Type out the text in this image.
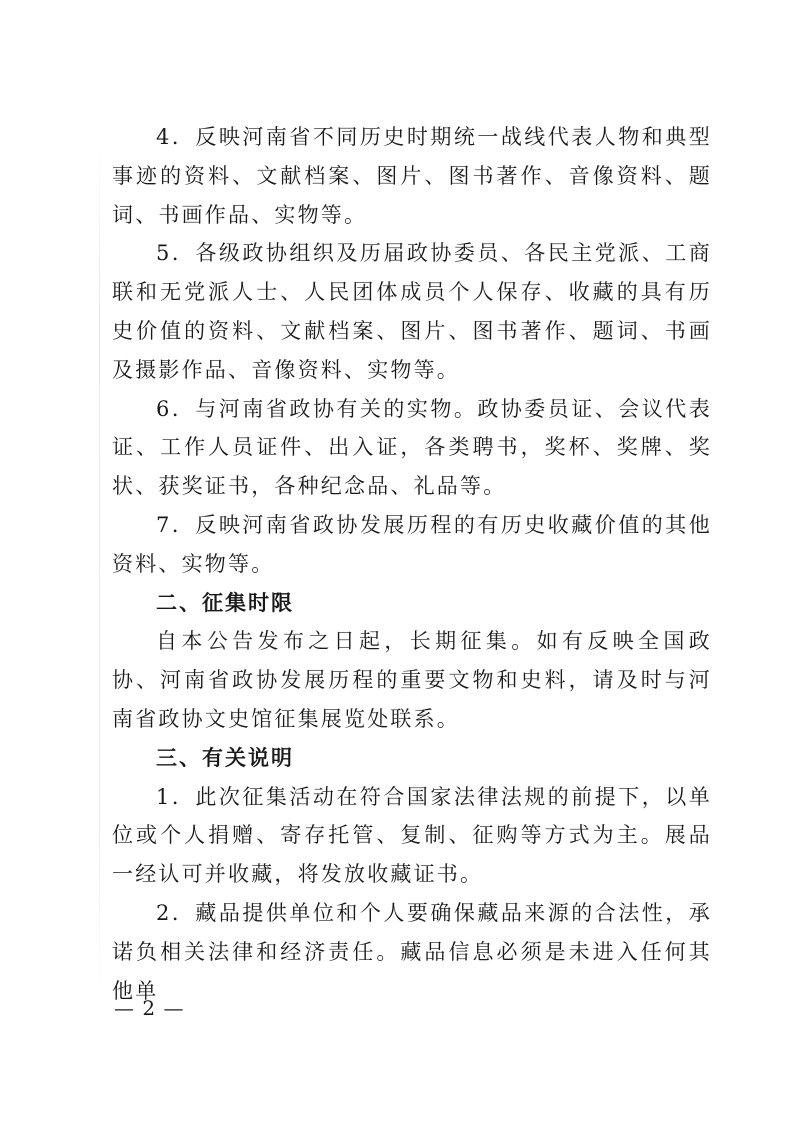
4．反映河南省不同历史时期统一战线代表人物和典型事迹的资料、文献档案、图片、图书著作、音像资料、题词、书画作品、实物等。

5．各级政协组织及历届政协委员、各民主党派、工商联和无党派人士、人民团体成员个人保存、收藏的具有历史价值的资料、文献档案、图片、图书著作、题词、书画及摄影作品、音像资料、实物等。

6．与河南省政协有关的实物。政协委员证、会议代表证、工作人员证件、出入证，各类聘书，奖杯、奖牌、奖状、获奖证书，各种纪念品、礼品等。

7．反映河南省政协发展历程的有历史收藏价值的其他资料、实物等。

二、征集时限

自本公告发布之日起，长期征集。如有反映全国政协、河南省政协发展历程的重要文物和史料，请及时与河南省政协文史馆征集展览处联系。

三、有关说明

1．此次征集活动在符合国家法律法规的前提下，以单位或个人捐赠、寄存托管、复制、征购等方式为主。展品一经认可并收藏，将发放收藏证书。

2．藏品提供单位和个人要确保藏品来源的合法性，承诺负相关法律和经济责任。藏品信息必须是未进入任何其他单

— 2 —
